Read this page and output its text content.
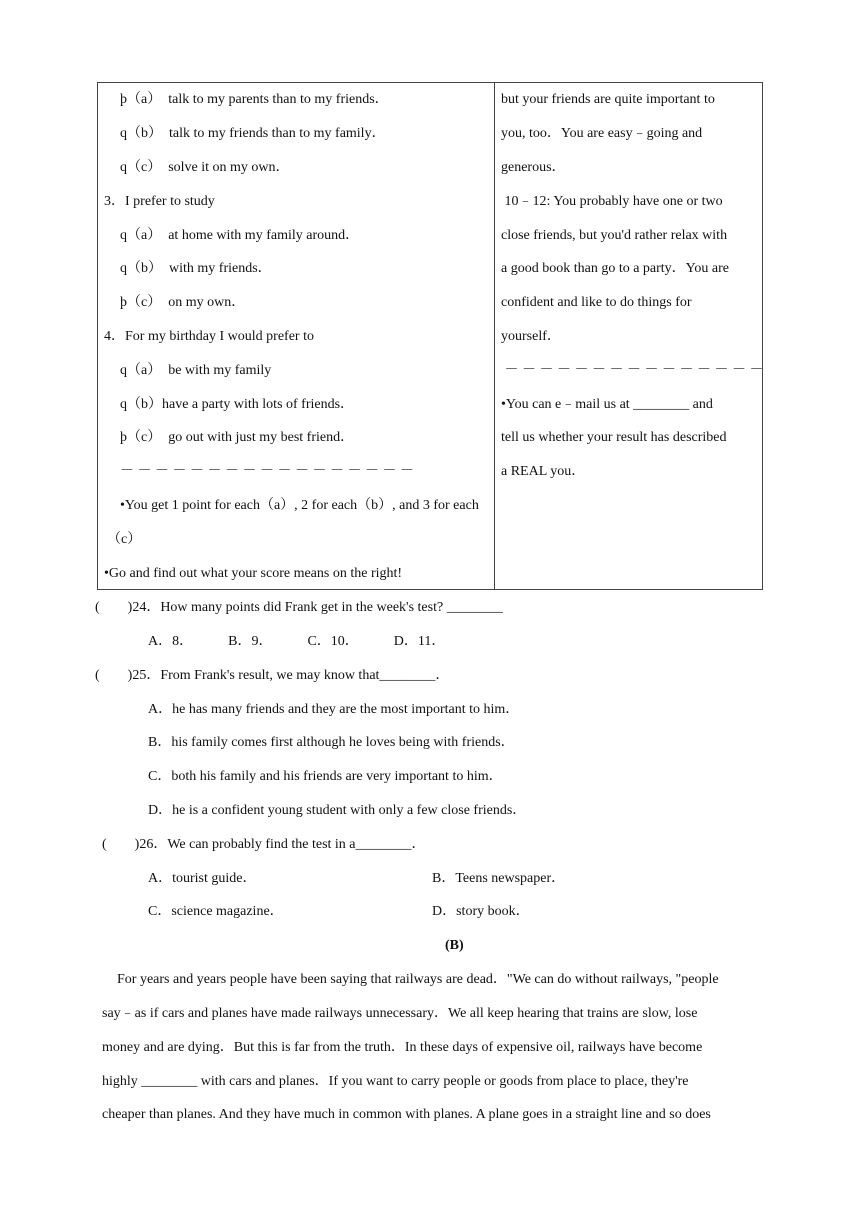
þ（a）  talk to my parents than to my friends．
q（b）  talk to my friends than to my family．
q（c）  solve it on my own．
3．I prefer to study
q（a）  at home with my family around．
q（b）  with my friends．
þ（c）  on my own．
4．For my birthday I would prefer to
q（a）  be with my family
q（b）have a party with lots of friends．
þ（c）  go out with just my best friend．
－ － － － － － － － － － － － － － － － －
•You get 1 point for each（a）, 2 for each（b）, and 3 for each
（c）
•Go and find out what your score means on the right!
but your friends are quite important to
you, too．You are easy﹣going and
generous．
10﹣12: You probably have one or two
close friends, but you'd rather relax with
a good book than go to a party．You are
confident and like to do things for
yourself．
－ － － － － － － － － － － － － － －
•You can e﹣mail us at ________ and
tell us whether your result has described
a REAL you．
(        )24．How many points did Frank get in the week's test? ________
A．8．          B．9．          C．10．          D．11．
(        )25．From Frank's result, we may know that________．
A．he has many friends and they are the most important to him．
B．his family comes first although he loves being with friends．
C．both his family and his friends are very important to him．
D．he is a confident young student with only a few close friends．
(        )26．We can probably find the test in a________．
A．tourist guide．	B．Teens newspaper．
C．science magazine．	D．story book．
(B)
For years and years people have been saying that railways are dead．"We can do without railways, "people
say﹣as if cars and planes have made railways unnecessary．We all keep hearing that trains are slow, lose
money and are dying．But this is far from the truth．In these days of expensive oil, railways have become
highly ________ with cars and planes．If you want to carry people or goods from place to place, they're
cheaper than planes. And they have much in common with planes. A plane goes in a straight line and so does
